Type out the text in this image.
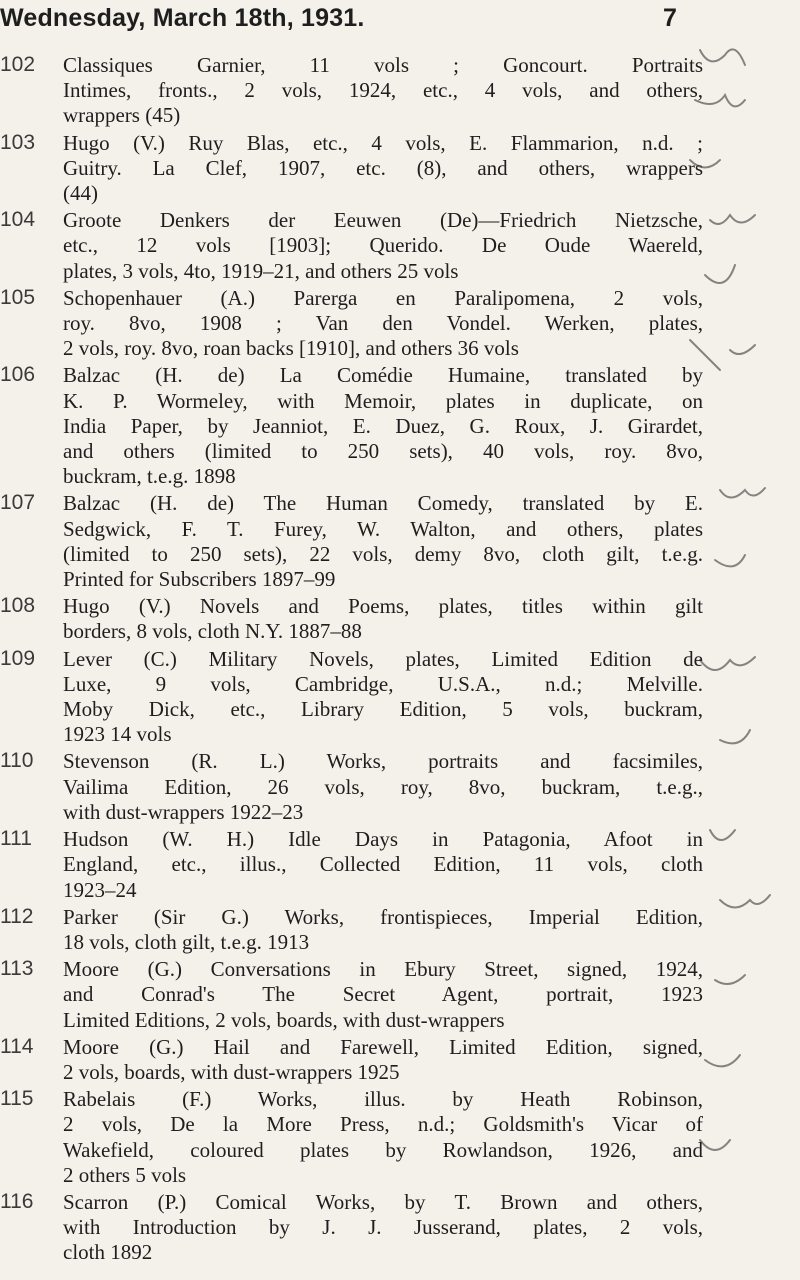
Wednesday, March 18th, 1931.	7
102	Classiques Garnier, 11 vols ; Goncourt. Portraits
Intimes, fronts., 2 vols, 1924, etc., 4 vols, and others,
wrappers (45)
103	Hugo (V.) Ruy Blas, etc., 4 vols, E. Flammarion, n.d. ;
Guitry. La Clef, 1907, etc. (8), and others, wrappers
(44)
104	Groote Denkers der Eeuwen (De)—Friedrich Nietzsche,
etc., 12 vols [1903]; Querido. De Oude Waereld,
plates, 3 vols, 4to, 1919–21, and others 25 vols
105	Schopenhauer (A.) Parerga en Paralipomena, 2 vols,
roy. 8vo, 1908 ; Van den Vondel. Werken, plates,
2 vols, roy. 8vo, roan backs [1910], and others 36 vols
106	Balzac (H. de) La Comédie Humaine, translated by
K. P. Wormeley, with Memoir, plates in duplicate, on
India Paper, by Jeanniot, E. Duez, G. Roux, J. Girardet,
and others (limited to 250 sets), 40 vols, roy. 8vo,
buckram, t.e.g. 1898
107	Balzac (H. de) The Human Comedy, translated by E.
Sedgwick, F. T. Furey, W. Walton, and others, plates
(limited to 250 sets), 22 vols, demy 8vo, cloth gilt, t.e.g.
Printed for Subscribers 1897–99
108	Hugo (V.) Novels and Poems, plates, titles within gilt
borders, 8 vols, cloth N.Y. 1887–88
109	Lever (C.) Military Novels, plates, Limited Edition de
Luxe, 9 vols, Cambridge, U.S.A., n.d.; Melville.
Moby Dick, etc., Library Edition, 5 vols, buckram,
1923 14 vols
110	Stevenson (R. L.) Works, portraits and facsimiles,
Vailima Edition, 26 vols, roy, 8vo, buckram, t.e.g.,
with dust-wrappers 1922–23
111	Hudson (W. H.) Idle Days in Patagonia, Afoot in
England, etc., illus., Collected Edition, 11 vols, cloth
1923–24
112	Parker (Sir G.) Works, frontispieces, Imperial Edition,
18 vols, cloth gilt, t.e.g. 1913
113	Moore (G.) Conversations in Ebury Street, signed, 1924,
and Conrad's The Secret Agent, portrait, 1923
Limited Editions, 2 vols, boards, with dust-wrappers
114	Moore (G.) Hail and Farewell, Limited Edition, signed,
2 vols, boards, with dust-wrappers 1925
115	Rabelais (F.) Works, illus. by Heath Robinson,
2 vols, De la More Press, n.d.; Goldsmith's Vicar of
Wakefield, coloured plates by Rowlandson, 1926, and
2 others 5 vols
116	Scarron (P.) Comical Works, by T. Brown and others,
with Introduction by J. J. Jusserand, plates, 2 vols,
cloth 1892
